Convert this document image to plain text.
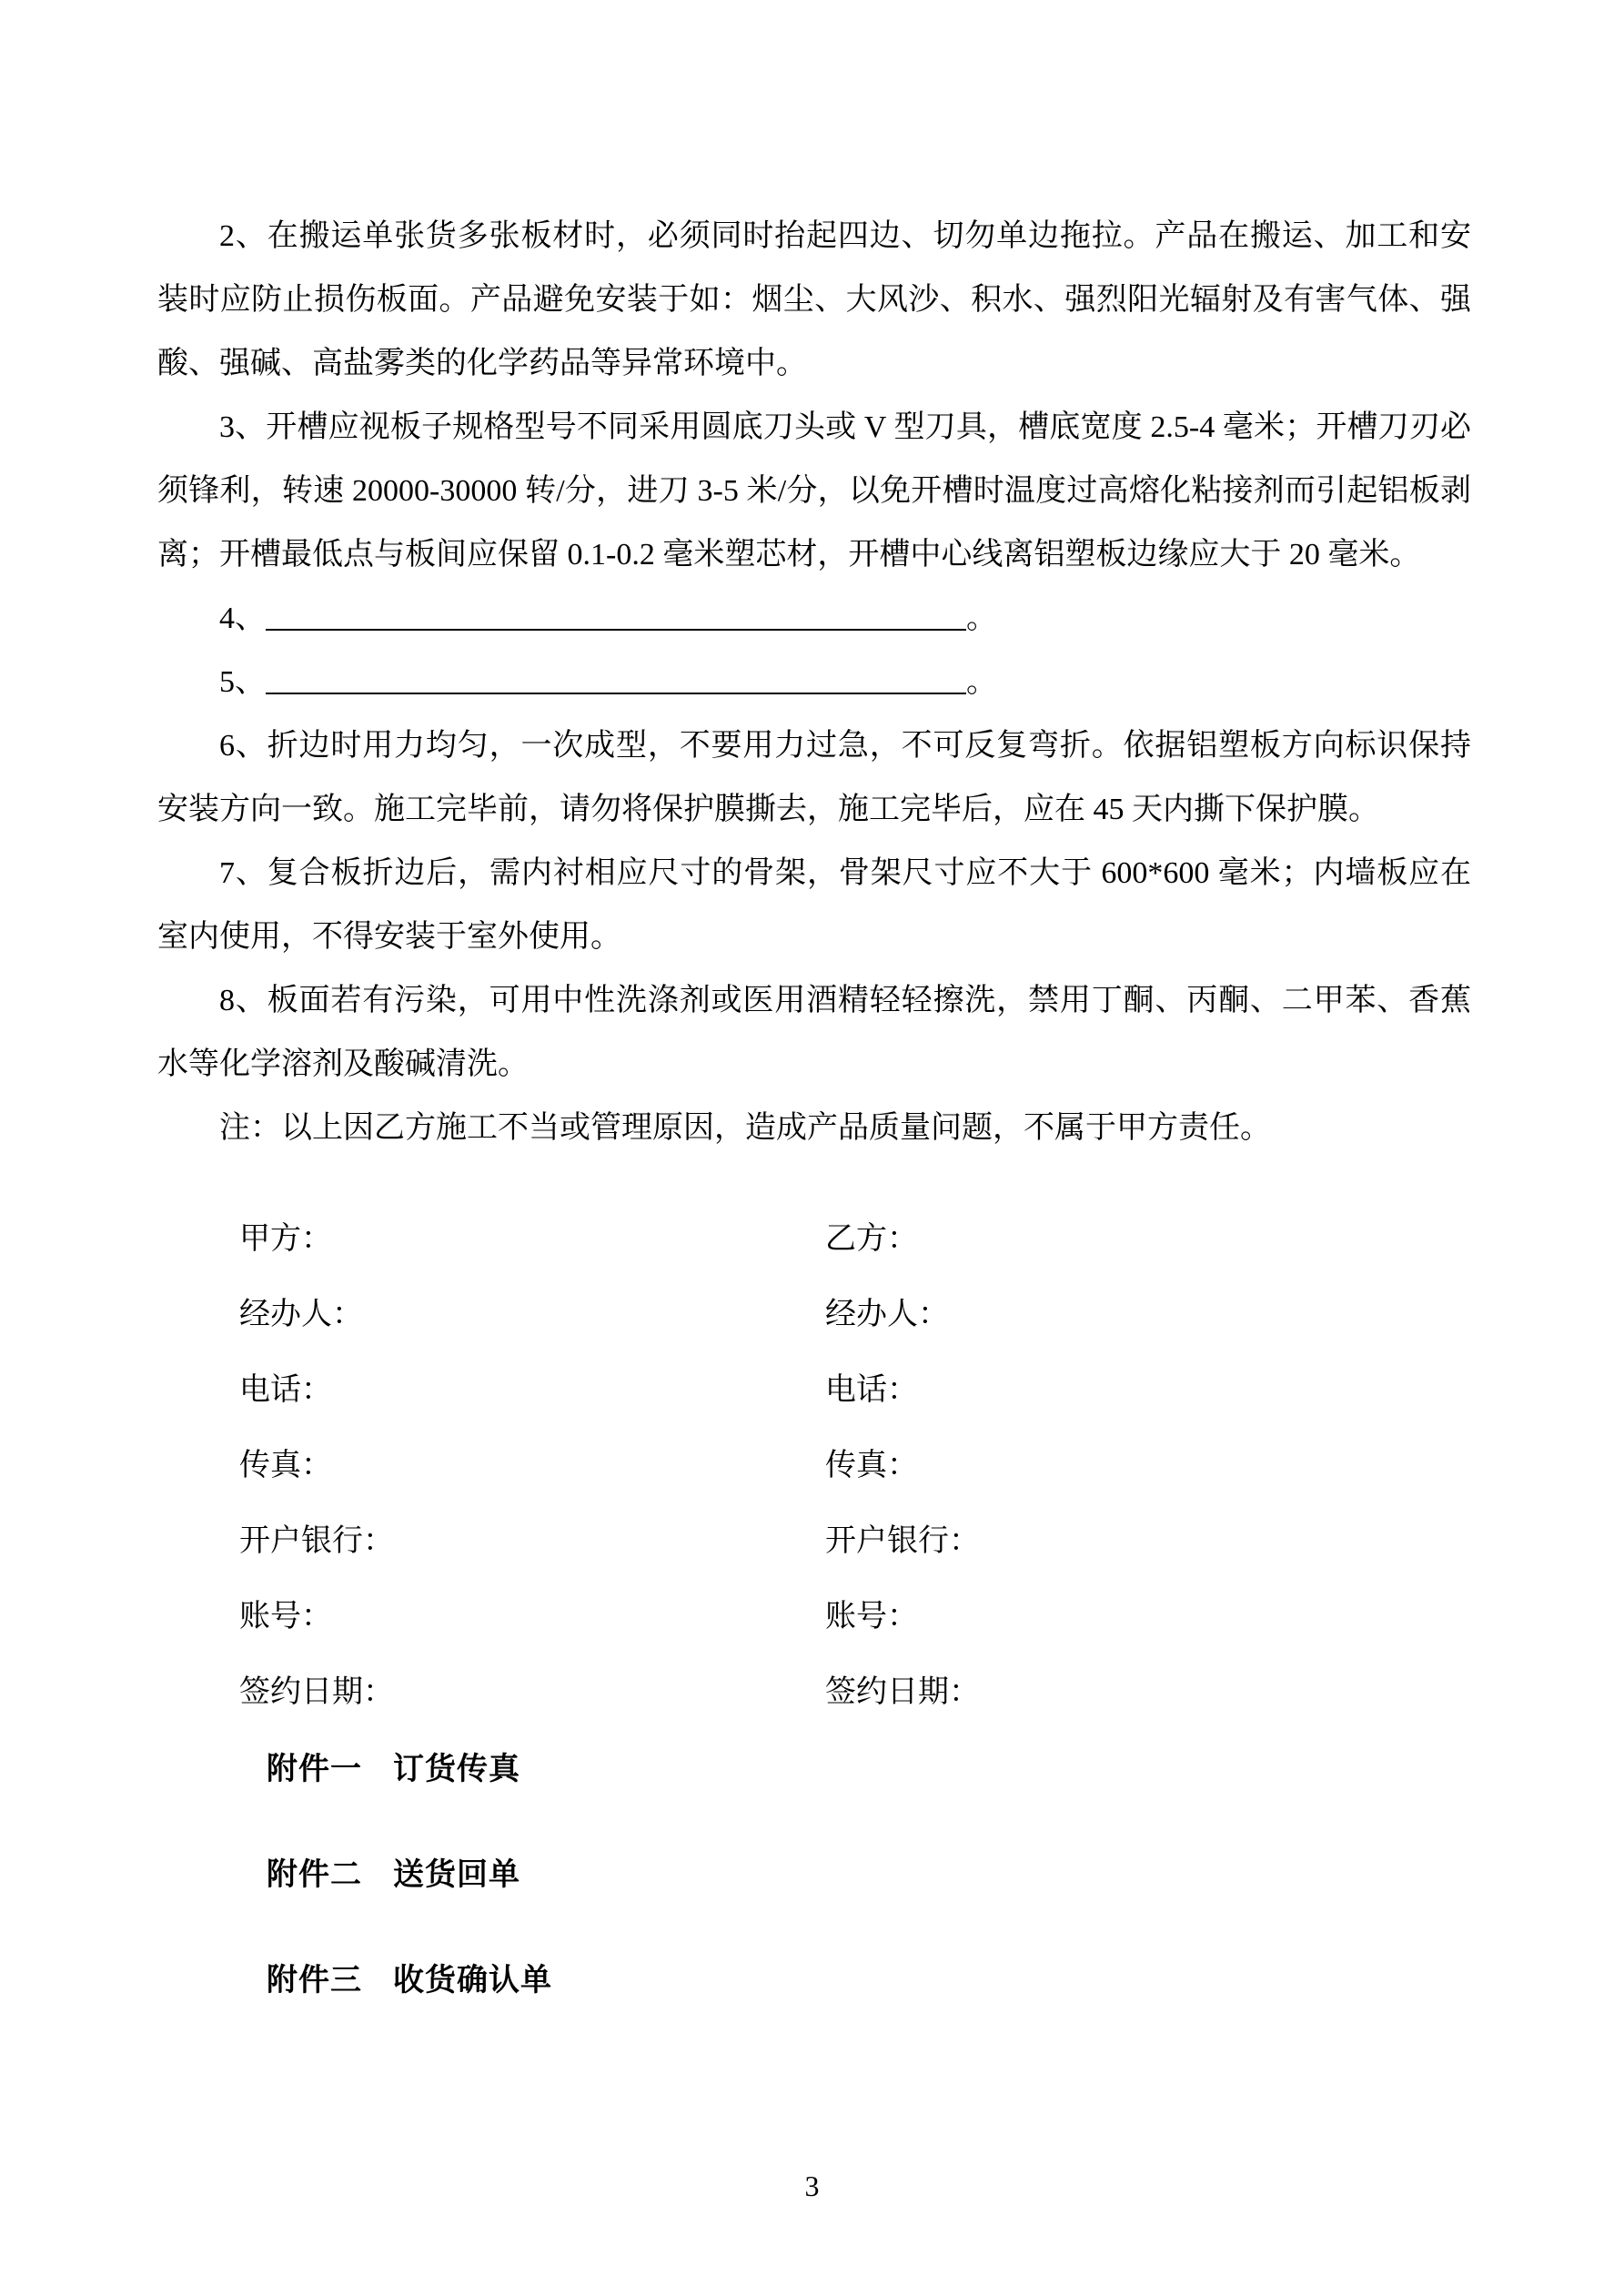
2、在搬运单张货多张板材时，必须同时抬起四边、切勿单边拖拉。产品在搬运、加工和安装时应防止损伤板面。产品避免安装于如：烟尘、大风沙、积水、强烈阳光辐射及有害气体、强酸、强碱、高盐雾类的化学药品等异常环境中。

3、开槽应视板子规格型号不同采用圆底刀头或 V 型刀具，槽底宽度 2.5-4 毫米；开槽刀刃必须锋利，转速 20000-30000 转/分，进刀 3-5 米/分，以免开槽时温度过高熔化粘接剂而引起铝板剥离；开槽最低点与板间应保留 0.1-0.2 毫米塑芯材，开槽中心线离铝塑板边缘应大于 20 毫米。

4、	。
5、	。

6、折边时用力均匀，一次成型，不要用力过急，不可反复弯折。依据铝塑板方向标识保持安装方向一致。施工完毕前，请勿将保护膜撕去，施工完毕后，应在 45 天内撕下保护膜。

7、复合板折边后，需内衬相应尺寸的骨架，骨架尺寸应不大于 600*600 毫米；内墙板应在室内使用，不得安装于室外使用。

8、板面若有污染，可用中性洗涤剂或医用酒精轻轻擦洗，禁用丁酮、丙酮、二甲苯、香蕉水等化学溶剂及酸碱清洗。

注：以上因乙方施工不当或管理原因，造成产品质量问题，不属于甲方责任。

甲方：
经办人：
电话：
传真：
开户银行：
账号：
签约日期：
乙方：
经办人：
电话：
传真：
开户银行：
账号：
签约日期：
附件一 订货传真
附件二 送货回单
附件三 收货确认单
3
